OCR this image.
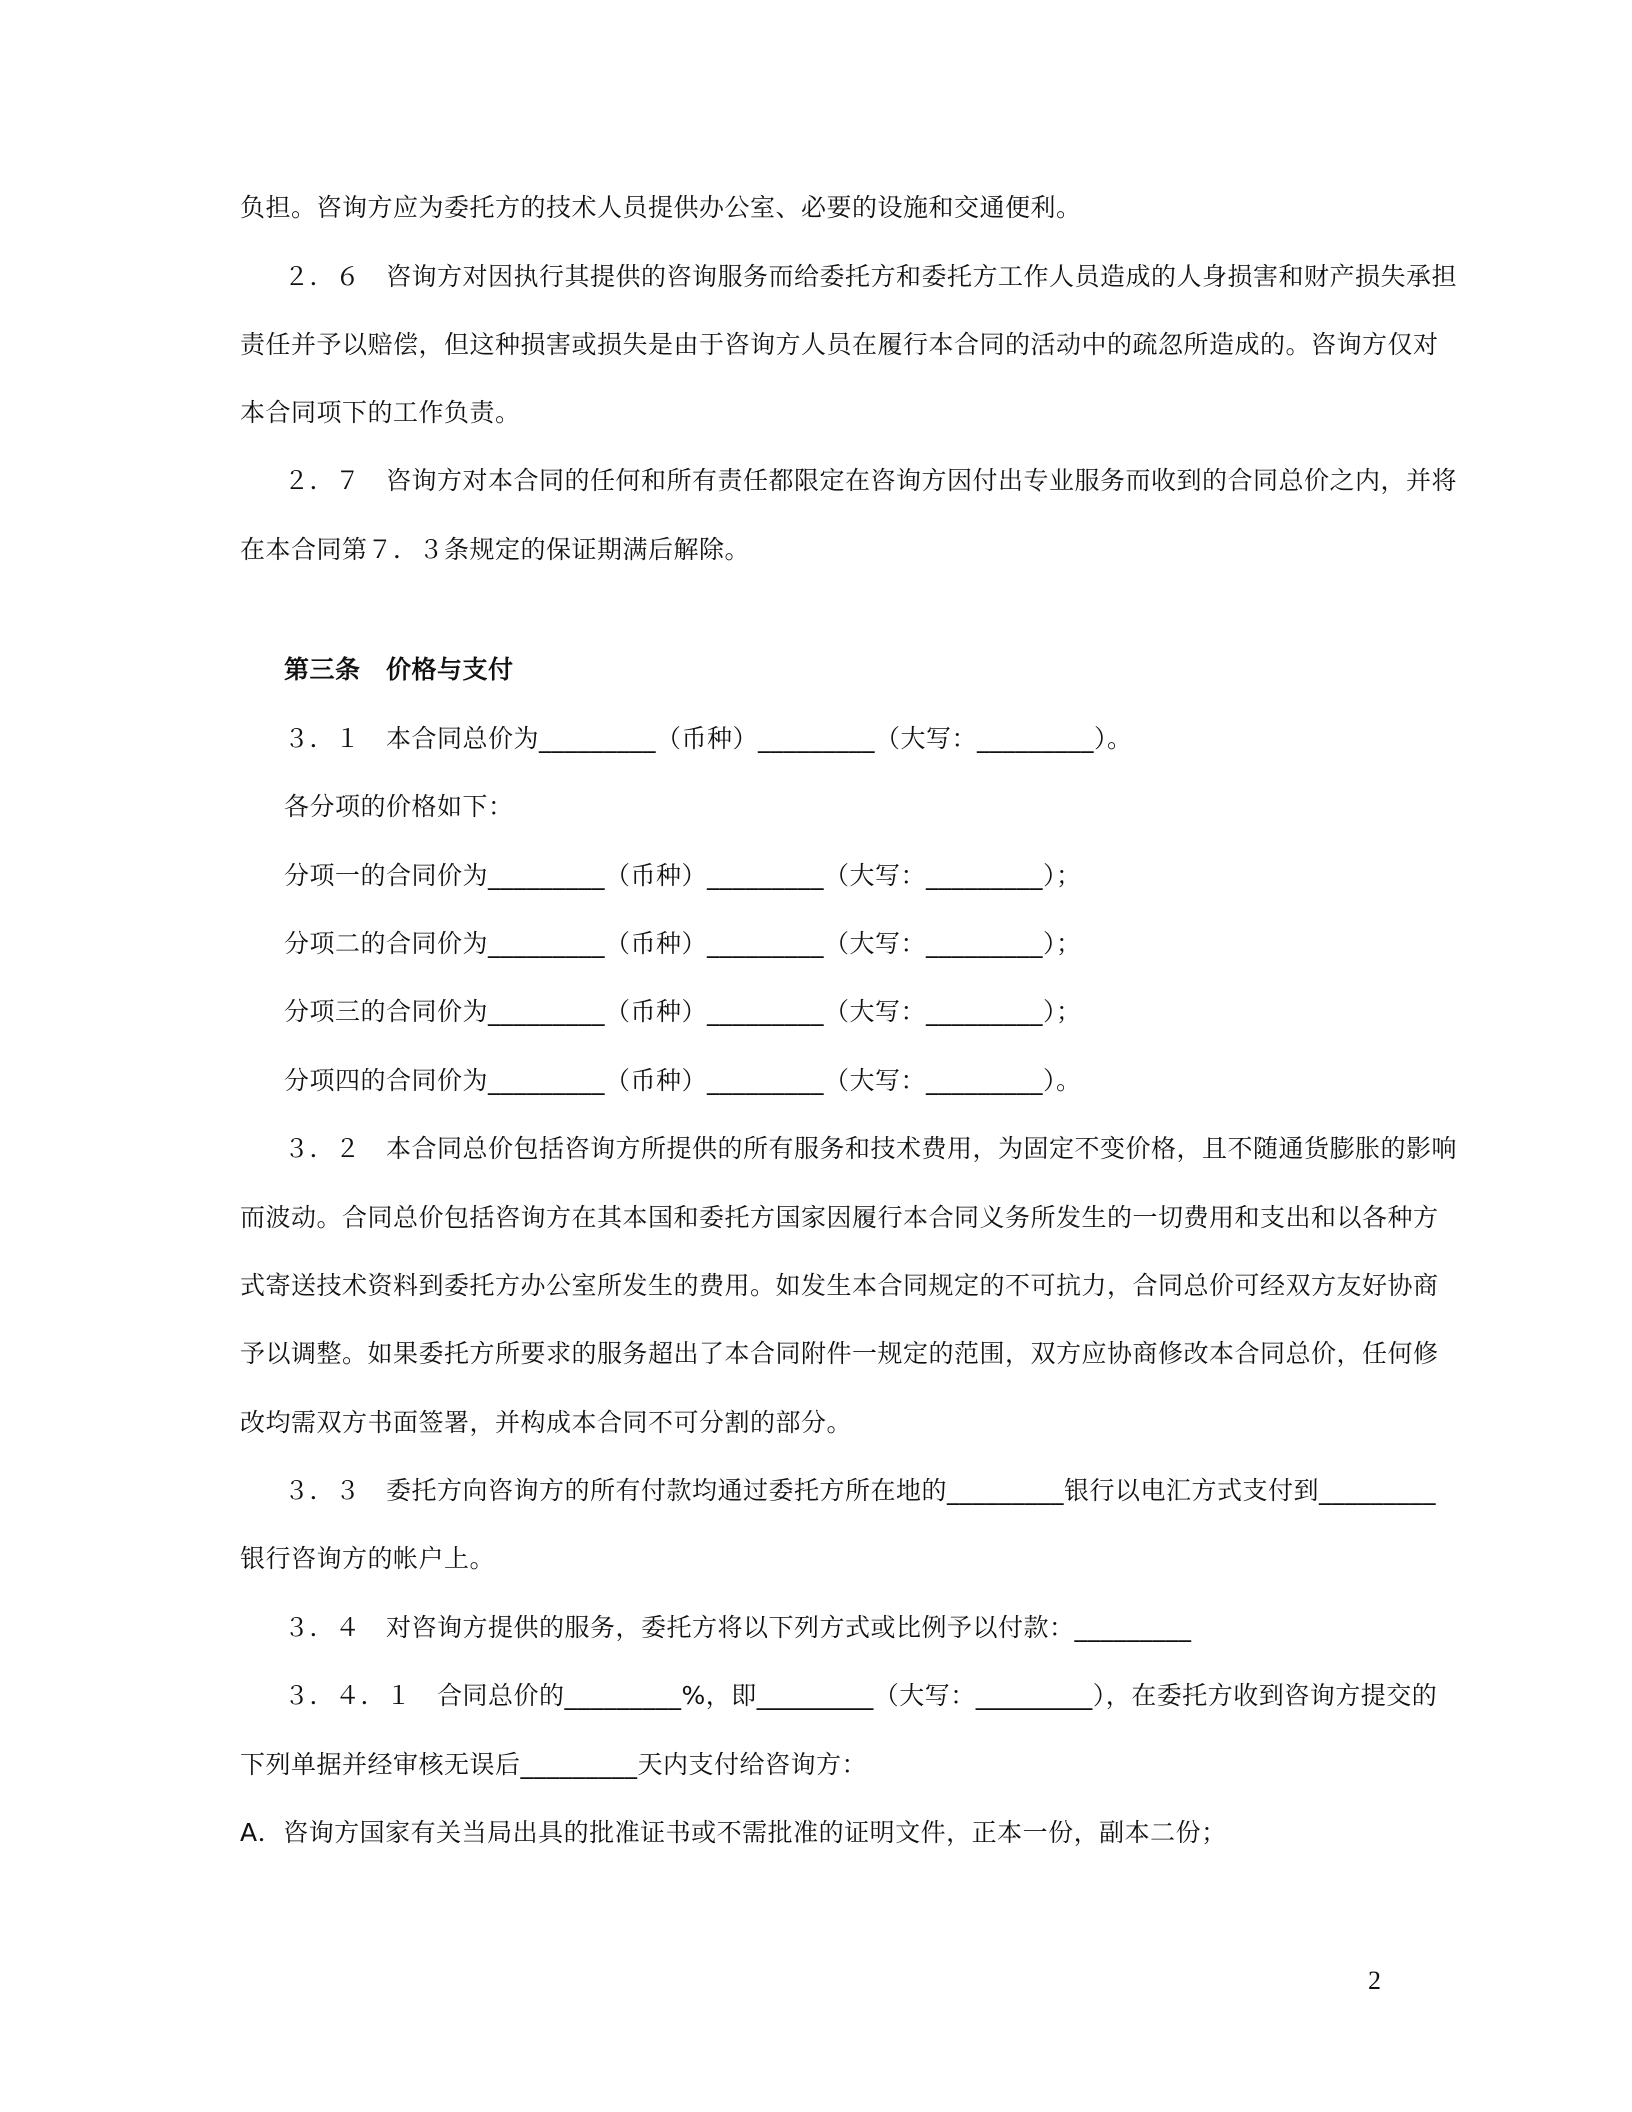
负担。咨询方应为委托方的技术人员提供办公室、必要的设施和交通便利。
２．６　咨询方对因执行其提供的咨询服务而给委托方和委托方工作人员造成的人身损害和财产损失承担
责任并予以赔偿，但这种损害或损失是由于咨询方人员在履行本合同的活动中的疏忽所造成的。咨询方仅对
本合同项下的工作负责。
２．７　咨询方对本合同的任何和所有责任都限定在咨询方因付出专业服务而收到的合同总价之内，并将
在本合同第７．３条规定的保证期满后解除。
第三条　价格与支付
３．１　本合同总价为_________（币种）_________（大写：_________）。
各分项的价格如下：
分项一的合同价为_________（币种）_________（大写：_________）；
分项二的合同价为_________（币种）_________（大写：_________）；
分项三的合同价为_________（币种）_________（大写：_________）；
分项四的合同价为_________（币种）_________（大写：_________）。
３．２　本合同总价包括咨询方所提供的所有服务和技术费用，为固定不变价格，且不随通货膨胀的影响
而波动。合同总价包括咨询方在其本国和委托方国家因履行本合同义务所发生的一切费用和支出和以各种方
式寄送技术资料到委托方办公室所发生的费用。如发生本合同规定的不可抗力，合同总价可经双方友好协商
予以调整。如果委托方所要求的服务超出了本合同附件一规定的范围，双方应协商修改本合同总价，任何修
改均需双方书面签署，并构成本合同不可分割的部分。
３．３　委托方向咨询方的所有付款均通过委托方所在地的_________银行以电汇方式支付到_________
银行咨询方的帐户上。
３．４　对咨询方提供的服务，委托方将以下列方式或比例予以付款：_________
３．４．１　合同总价的_________%，即_________（大写：_________），在委托方收到咨询方提交的
下列单据并经审核无误后_________天内支付给咨询方：
A．咨询方国家有关当局出具的批准证书或不需批准的证明文件，正本一份，副本二份；
2
